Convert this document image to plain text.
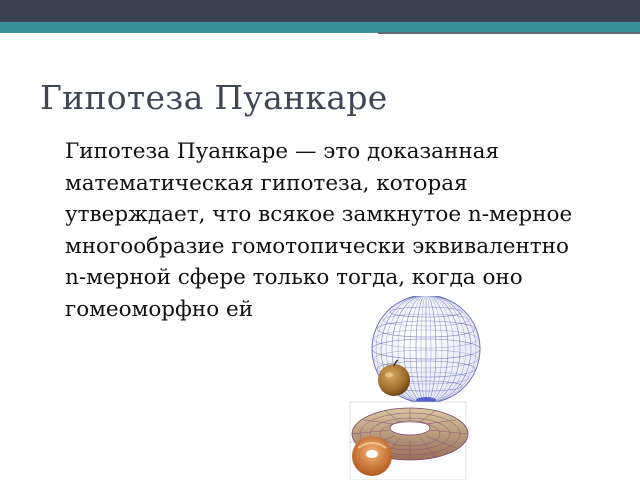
Гипотеза Пуанкаре

Гипотеза Пуанкаре — это доказанная математическая гипотеза, которая утверждает, что всякое замкнутое n-мерное многообразие гомотопически эквивалентно n-мерной сфере только тогда, когда оно гомеоморфно ей
